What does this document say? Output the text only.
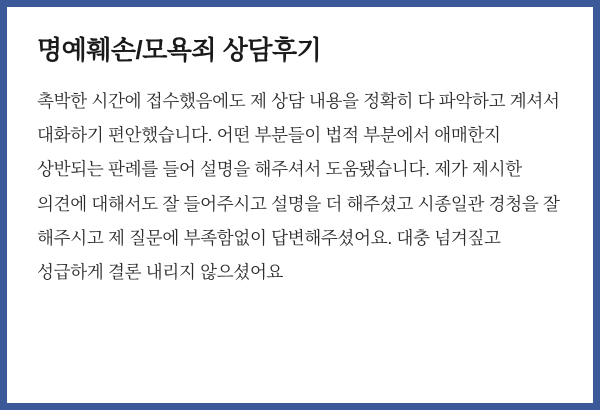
명예훼손/모욕죄 상담후기

촉박한 시간에 접수했음에도 제 상담 내용을 정확히 다 파악하고 계셔서 대화하기 편안했습니다. 어떤 부분들이 법적 부분에서 애매한지 상반되는 판례를 들어 설명을 해주셔서 도움됐습니다. 제가 제시한 의견에 대해서도 잘 들어주시고 설명을 더 해주셨고 시종일관 경청을 잘 해주시고 제 질문에 부족함없이 답변해주셨어요. 대충 넘겨짚고 성급하게 결론 내리지 않으셨어요
